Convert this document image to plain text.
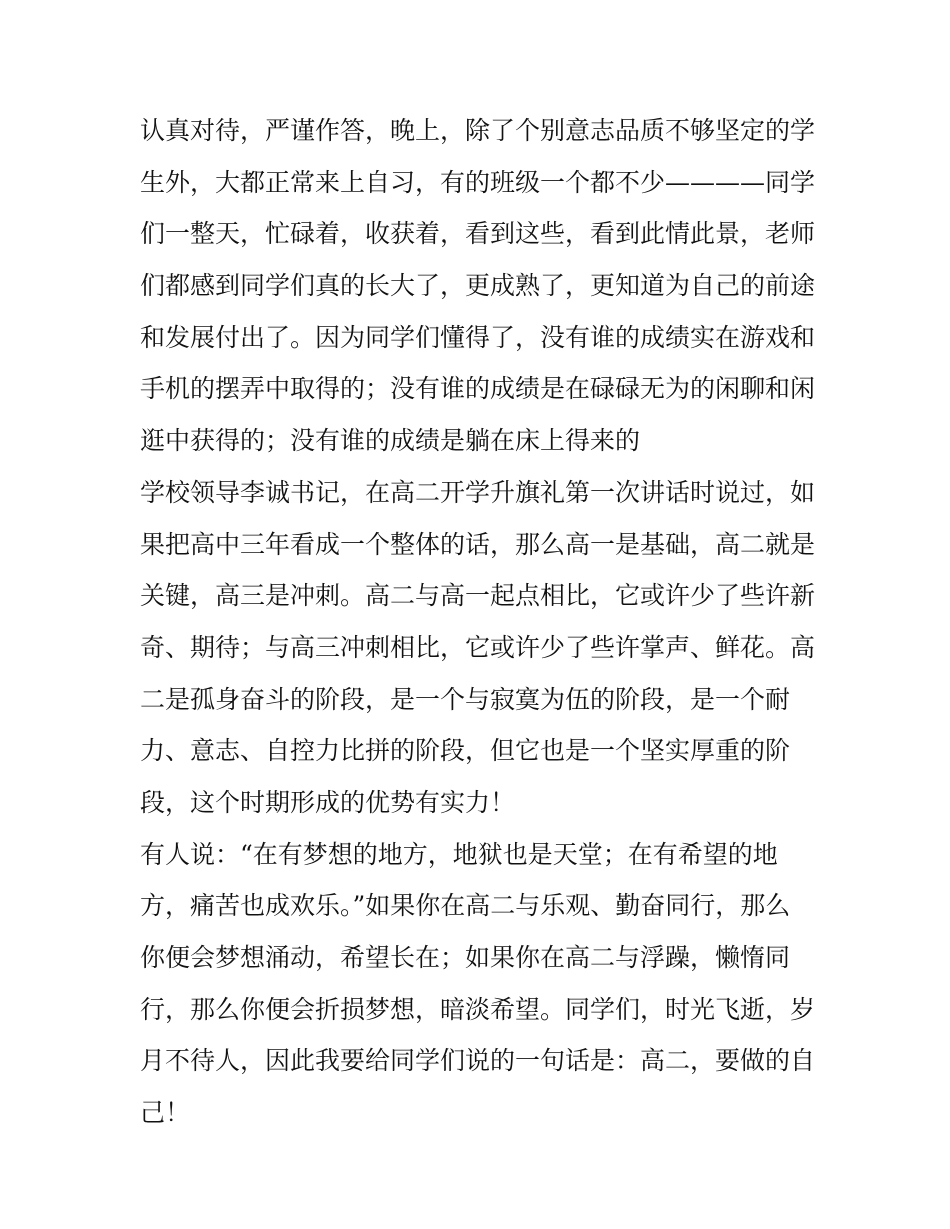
认真对待，严谨作答，晚上，除了个别意志品质不够坚定的学
生外，大都正常来上自习，有的班级一个都不少————同学
们一整天，忙碌着，收获着，看到这些，看到此情此景，老师
们都感到同学们真的长大了，更成熟了，更知道为自己的前途
和发展付出了。因为同学们懂得了，没有谁的成绩实在游戏和
手机的摆弄中取得的；没有谁的成绩是在碌碌无为的闲聊和闲
逛中获得的；没有谁的成绩是躺在床上得来的
学校领导李诚书记，在高二开学升旗礼第一次讲话时说过，如
果把高中三年看成一个整体的话，那么高一是基础，高二就是
关键，高三是冲刺。高二与高一起点相比，它或许少了些许新
奇、期待；与高三冲刺相比，它或许少了些许掌声、鲜花。高
二是孤身奋斗的阶段，是一个与寂寞为伍的阶段，是一个耐
力、意志、自控力比拼的阶段，但它也是一个坚实厚重的阶
段，这个时期形成的优势有实力！
有人说：“在有梦想的地方，地狱也是天堂；在有希望的地
方，痛苦也成欢乐。”如果你在高二与乐观、勤奋同行，那么
你便会梦想涌动，希望长在；如果你在高二与浮躁，懒惰同
行，那么你便会折损梦想，暗淡希望。同学们，时光飞逝，岁
月不待人，因此我要给同学们说的一句话是：高二，要做的自
己！
